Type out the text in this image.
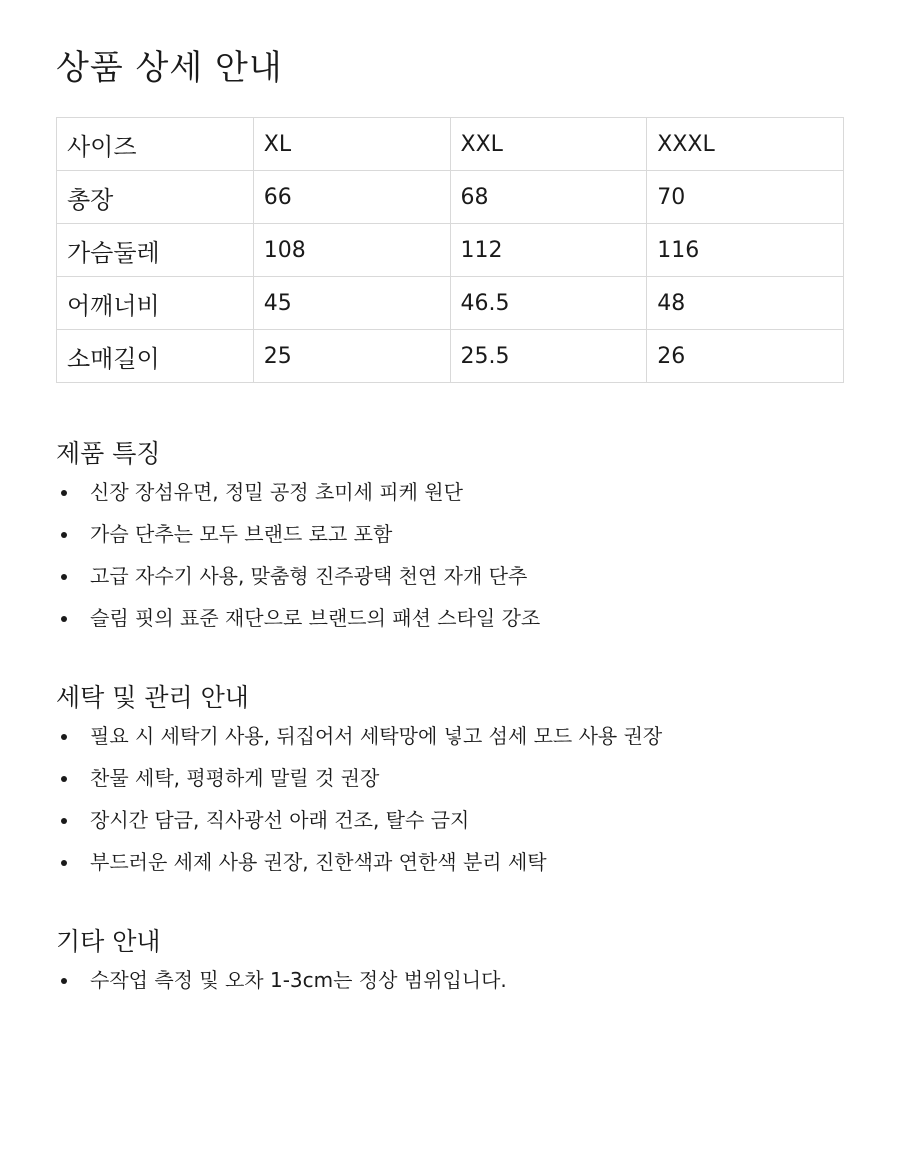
상품 상세 안내
사이즈	XL	XXL	XXXL
총장	66	68	70
가슴둘레	108	112	116
어깨너비	45	46.5	48
소매길이	25	25.5	26
제품 특징
신장 장섬유면, 정밀 공정 초미세 피케 원단
가슴 단추는 모두 브랜드 로고 포함
고급 자수기 사용, 맞춤형 진주광택 천연 자개 단추
슬림 핏의 표준 재단으로 브랜드의 패션 스타일 강조
세탁 및 관리 안내
필요 시 세탁기 사용, 뒤집어서 세탁망에 넣고 섬세 모드 사용 권장
찬물 세탁, 평평하게 말릴 것 권장
장시간 담금, 직사광선 아래 건조, 탈수 금지
부드러운 세제 사용 권장, 진한색과 연한색 분리 세탁
기타 안내
수작업 측정 및 오차 1-3cm는 정상 범위입니다.
